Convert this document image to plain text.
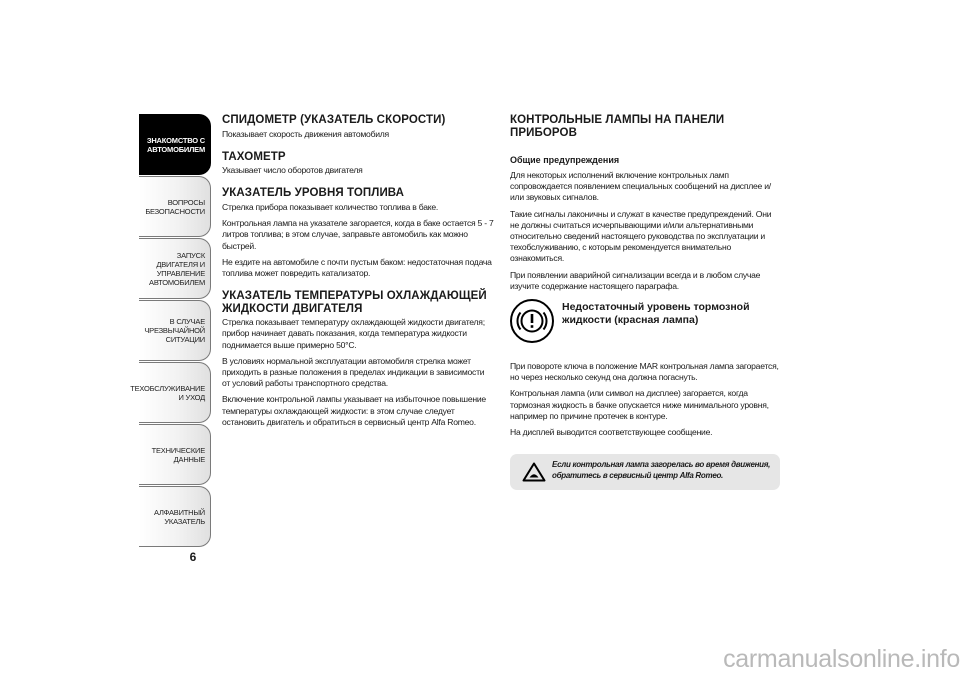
ЗНАКОМСТВО С
АВТОМОБИЛЕМ
ВОПРОСЫ
БЕЗОПАСНОСТИ
ЗАПУСК ДВИГАТЕЛЯ И
УПРАВЛЕНИЕ
АВТОМОБИЛЕМ
В СЛУЧАЕ
ЧРЕЗВЫЧАЙНОЙ
СИТУАЦИИ
ТЕХОБСЛУЖИВАНИЕ
И УХОД
ТЕХНИЧЕСКИЕ
ДАННЫЕ
АЛФАВИТНЫЙ
УКАЗАТЕЛЬ
6
СПИДОМЕТР (УКАЗАТЕЛЬ СКОРОСТИ)

Показывает скорость движения автомобиля

ТАХОМЕТР

Указывает число оборотов двигателя

УКАЗАТЕЛЬ УРОВНЯ ТОПЛИВА

Стрелка прибора показывает количество топлива в баке.

Контрольная лампа на указателе загорается, когда в баке остается 5 - 7 литров топлива; в этом случае, заправьте автомобиль как можно быстрей.

Не ездите на автомобиле с почти пустым баком: недостаточная подача топлива может повредить катализатор.

УКАЗАТЕЛЬ ТЕМПЕРАТУРЫ ОХЛАЖДАЮЩЕЙ ЖИДКОСТИ ДВИГАТЕЛЯ

Стрелка показывает температуру охлаждающей жидкости двигателя; прибор начинает давать показания, когда температура жидкости поднимается выше примерно 50°C.

В условиях нормальной эксплуатации автомобиля стрелка может приходить в разные положения в пределах индикации в зависимости от условий работы транспортного средства.

Включение контрольной лампы указывает на избыточное повышение температуры охлаждающей жидкости: в этом случае следует остановить двигатель и обратиться в сервисный центр Alfa Romeo.

КОНТРОЛЬНЫЕ ЛАМПЫ НА ПАНЕЛИ ПРИБОРОВ
Общие предупреждения

Для некоторых исполнений включение контрольных ламп сопровождается появлением специальных сообщений на дисплее и/или звуковых сигналов.

Такие сигналы лаконичны и служат в качестве предупреждений. Они не должны считаться исчерпывающими и/или альтернативными относительно сведений настоящего руководства по эксплуатации и техобслуживанию, с которым рекомендуется внимательно ознакомиться.

При появлении аварийной сигнализации всегда и в любом случае изучите содержание настоящего параграфа.

Недостаточный уровень тормозной жидкости (красная лампа)

При повороте ключа в положение MAR контрольная лампа загорается, но через несколько секунд она должна погаснуть.

Контрольная лампа (или символ на дисплее) загорается, когда тормозная жидкость в бачке опускается ниже минимального уровня, например по причине протечек в контуре.

На дисплей выводится соответствующее сообщение.

Если контрольная лампа загорелась во время движения, обратитесь в сервисный центр Alfa Romeo.
carmanualsonline.info
